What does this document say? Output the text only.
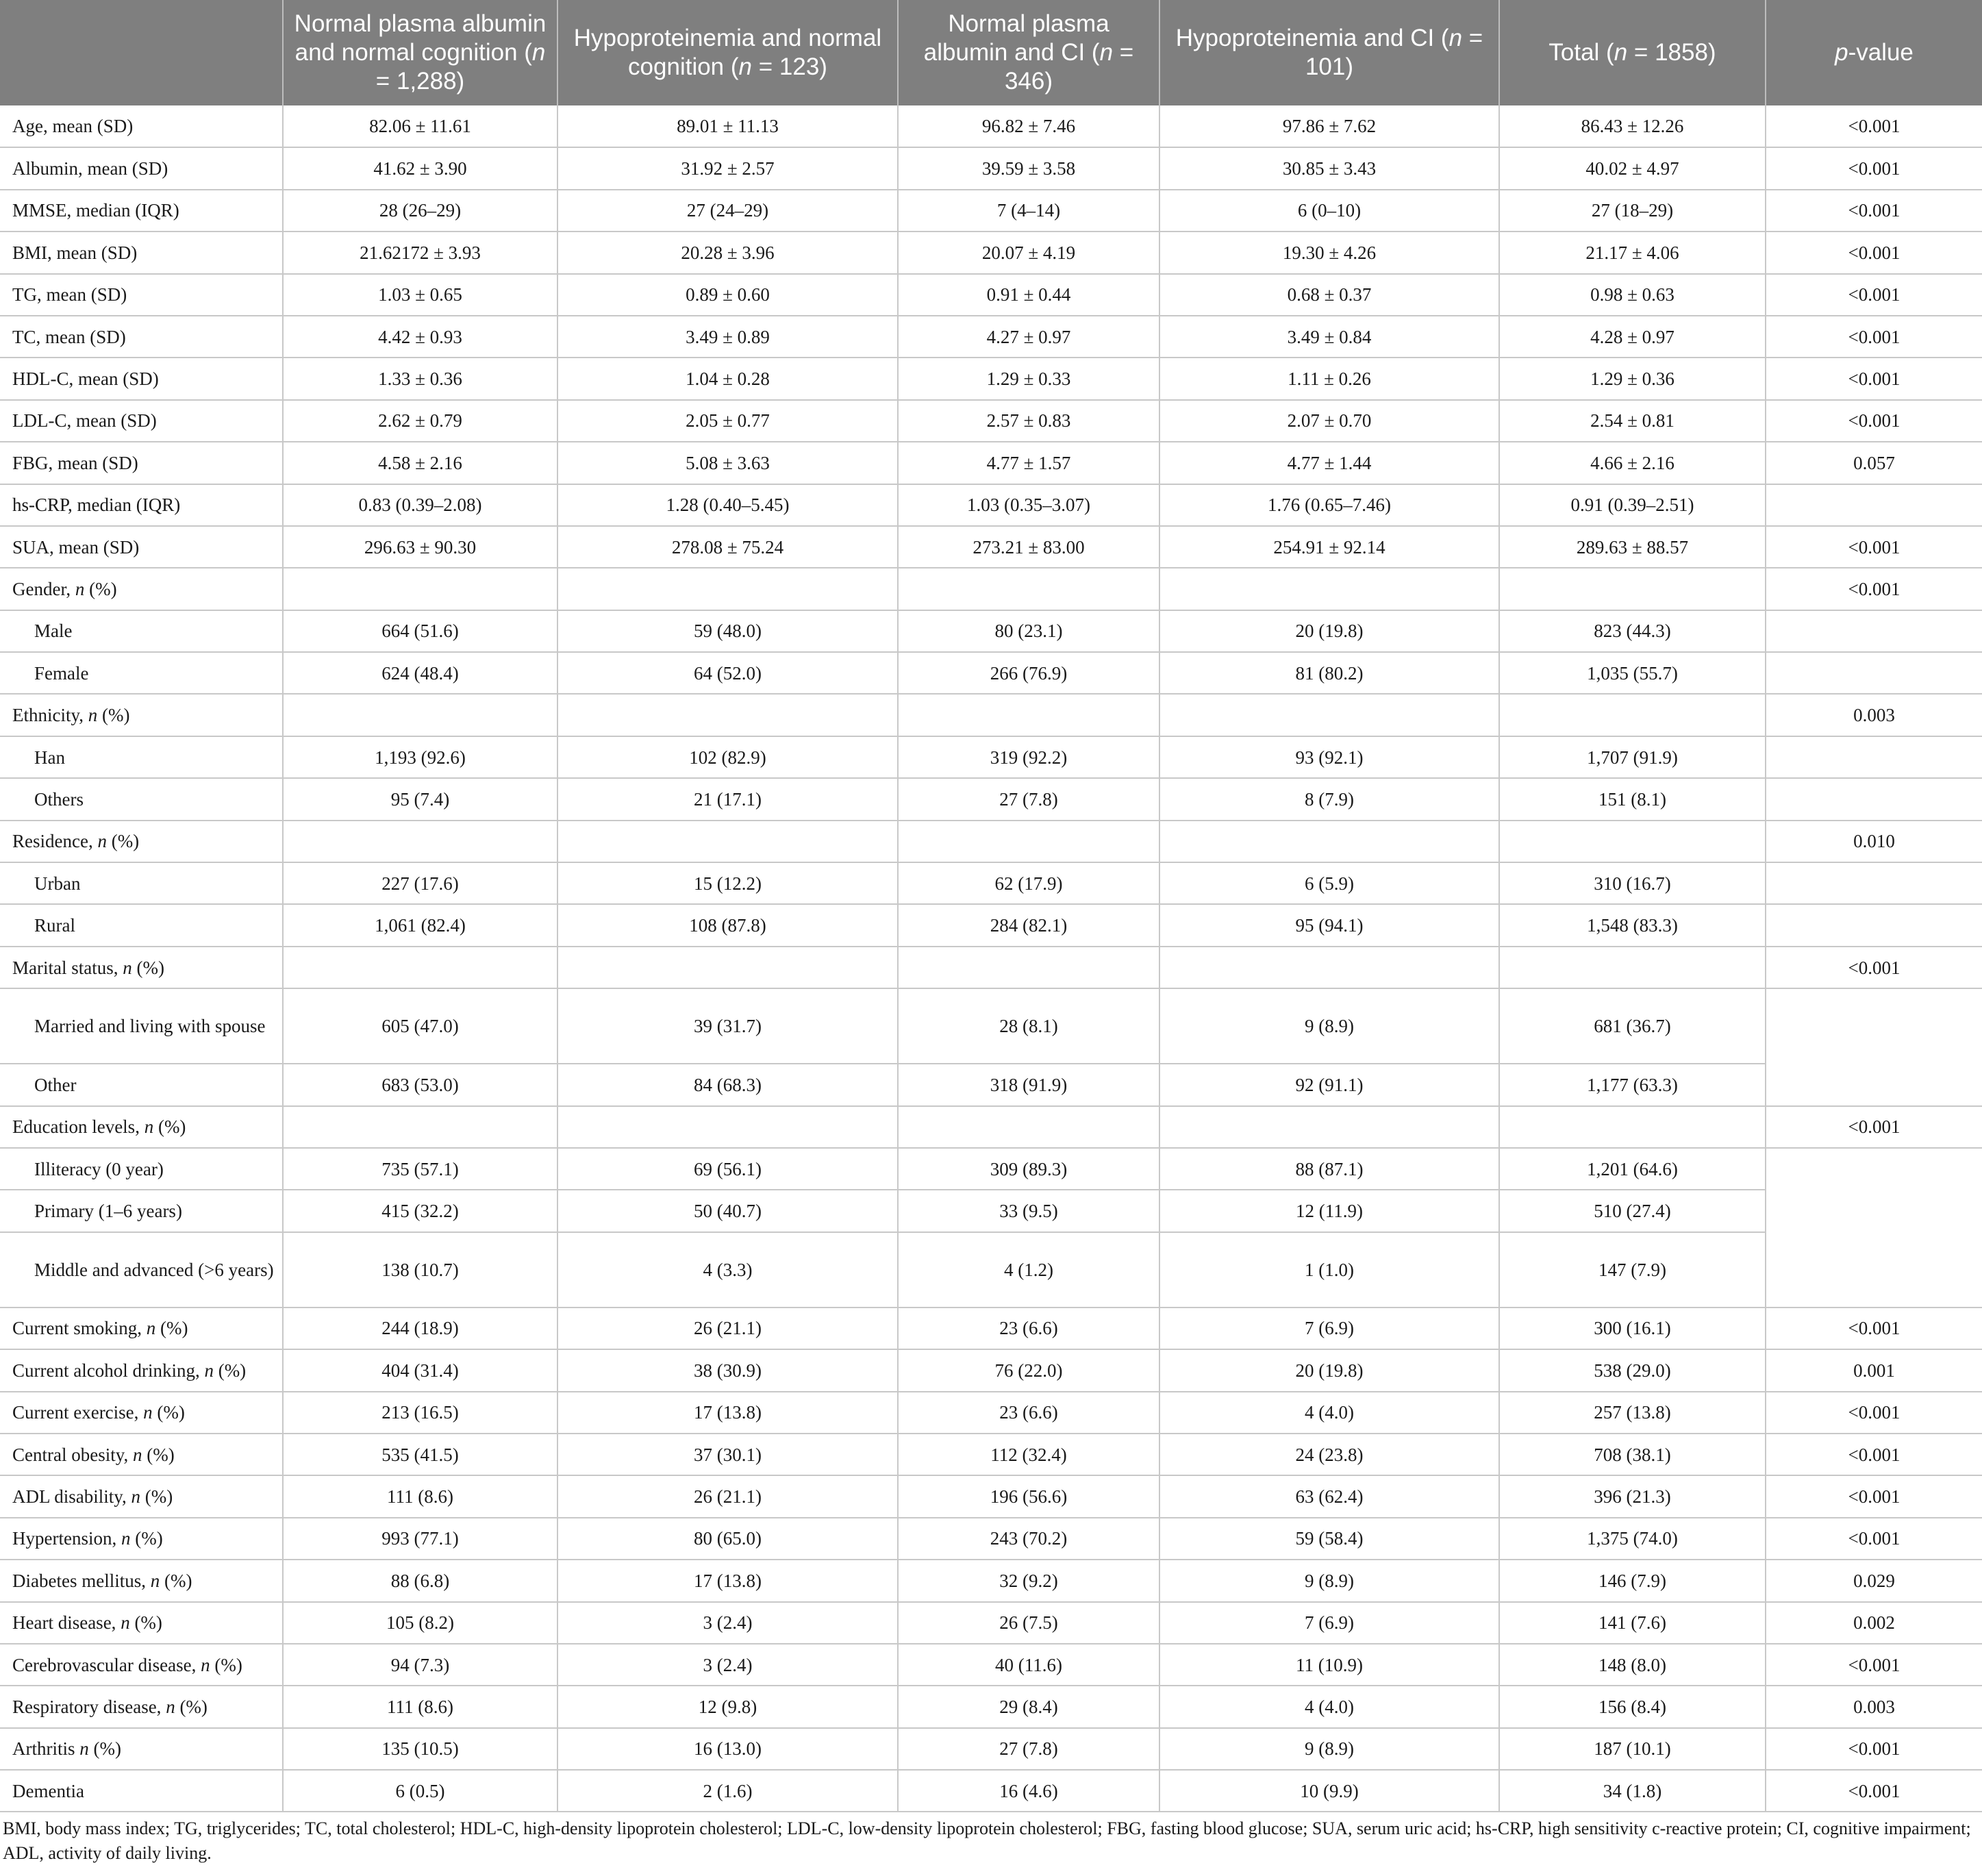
	Normal plasma albumin and normal cognition (n = 1,288)	Hypoproteinemia and normal cognition (n = 123)	Normal plasma albumin and CI (n = 346)	Hypoproteinemia and CI (n = 101)	Total (n = 1858)	p-value
Age, mean (SD)	82.06 ± 11.61	89.01 ± 11.13	96.82 ± 7.46	97.86 ± 7.62	86.43 ± 12.26	<0.001
Albumin, mean (SD)	41.62 ± 3.90	31.92 ± 2.57	39.59 ± 3.58	30.85 ± 3.43	40.02 ± 4.97	<0.001
MMSE, median (IQR)	28 (26–29)	27 (24–29)	7 (4–14)	6 (0–10)	27 (18–29)	<0.001
BMI, mean (SD)	21.62172 ± 3.93	20.28 ± 3.96	20.07 ± 4.19	19.30 ± 4.26	21.17 ± 4.06	<0.001
TG, mean (SD)	1.03 ± 0.65	0.89 ± 0.60	0.91 ± 0.44	0.68 ± 0.37	0.98 ± 0.63	<0.001
TC, mean (SD)	4.42 ± 0.93	3.49 ± 0.89	4.27 ± 0.97	3.49 ± 0.84	4.28 ± 0.97	<0.001
HDL-C, mean (SD)	1.33 ± 0.36	1.04 ± 0.28	1.29 ± 0.33	1.11 ± 0.26	1.29 ± 0.36	<0.001
LDL-C, mean (SD)	2.62 ± 0.79	2.05 ± 0.77	2.57 ± 0.83	2.07 ± 0.70	2.54 ± 0.81	<0.001
FBG, mean (SD)	4.58 ± 2.16	5.08 ± 3.63	4.77 ± 1.57	4.77 ± 1.44	4.66 ± 2.16	0.057
hs-CRP, median (IQR)	0.83 (0.39–2.08)	1.28 (0.40–5.45)	1.03 (0.35–3.07)	1.76 (0.65–7.46)	0.91 (0.39–2.51)	
SUA, mean (SD)	296.63 ± 90.30	278.08 ± 75.24	273.21 ± 83.00	254.91 ± 92.14	289.63 ± 88.57	<0.001
Gender, n (%)						<0.001
Male	664 (51.6)	59 (48.0)	80 (23.1)	20 (19.8)	823 (44.3)	
Female	624 (48.4)	64 (52.0)	266 (76.9)	81 (80.2)	1,035 (55.7)	
Ethnicity, n (%)						0.003
Han	1,193 (92.6)	102 (82.9)	319 (92.2)	93 (92.1)	1,707 (91.9)	
Others	95 (7.4)	21 (17.1)	27 (7.8)	8 (7.9)	151 (8.1)	
Residence, n (%)						0.010
Urban	227 (17.6)	15 (12.2)	62 (17.9)	6 (5.9)	310 (16.7)	
Rural	1,061 (82.4)	108 (87.8)	284 (82.1)	95 (94.1)	1,548 (83.3)	
Marital status, n (%)						<0.001
Married and living with spouse	605 (47.0)	39 (31.7)	28 (8.1)	9 (8.9)	681 (36.7)	
Other	683 (53.0)	84 (68.3)	318 (91.9)	92 (91.1)	1,177 (63.3)	
Education levels, n (%)						<0.001
Illiteracy (0 year)	735 (57.1)	69 (56.1)	309 (89.3)	88 (87.1)	1,201 (64.6)	
Primary (1–6 years)	415 (32.2)	50 (40.7)	33 (9.5)	12 (11.9)	510 (27.4)	
Middle and advanced (>6 years)	138 (10.7)	4 (3.3)	4 (1.2)	1 (1.0)	147 (7.9)	
Current smoking, n (%)	244 (18.9)	26 (21.1)	23 (6.6)	7 (6.9)	300 (16.1)	<0.001
Current alcohol drinking, n (%)	404 (31.4)	38 (30.9)	76 (22.0)	20 (19.8)	538 (29.0)	0.001
Current exercise, n (%)	213 (16.5)	17 (13.8)	23 (6.6)	4 (4.0)	257 (13.8)	<0.001
Central obesity, n (%)	535 (41.5)	37 (30.1)	112 (32.4)	24 (23.8)	708 (38.1)	<0.001
ADL disability, n (%)	111 (8.6)	26 (21.1)	196 (56.6)	63 (62.4)	396 (21.3)	<0.001
Hypertension, n (%)	993 (77.1)	80 (65.0)	243 (70.2)	59 (58.4)	1,375 (74.0)	<0.001
Diabetes mellitus, n (%)	88 (6.8)	17 (13.8)	32 (9.2)	9 (8.9)	146 (7.9)	0.029
Heart disease, n (%)	105 (8.2)	3 (2.4)	26 (7.5)	7 (6.9)	141 (7.6)	0.002
Cerebrovascular disease, n (%)	94 (7.3)	3 (2.4)	40 (11.6)	11 (10.9)	148 (8.0)	<0.001
Respiratory disease, n (%)	111 (8.6)	12 (9.8)	29 (8.4)	4 (4.0)	156 (8.4)	0.003
Arthritis n (%)	135 (10.5)	16 (13.0)	27 (7.8)	9 (8.9)	187 (10.1)	<0.001
Dementia	6 (0.5)	2 (1.6)	16 (4.6)	10 (9.9)	34 (1.8)	<0.001
BMI, body mass index; TG, triglycerides; TC, total cholesterol; HDL-C, high-density lipoprotein cholesterol; LDL-C, low-density lipoprotein cholesterol; FBG, fasting blood glucose; SUA, serum uric acid; hs-CRP, high sensitivity c-reactive protein; CI, cognitive impairment; ADL, activity of daily living.
